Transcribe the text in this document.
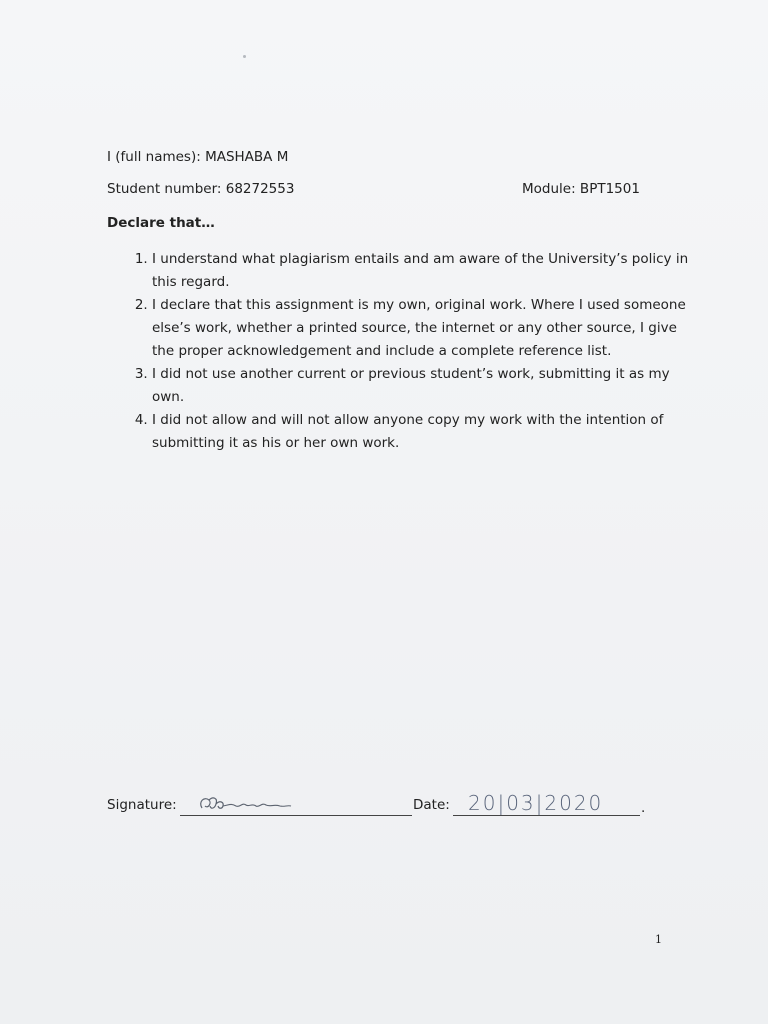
I (full names): MASHABA M
Student number: 68272553	Module: BPT1501
Declare that…
1. I understand what plagiarism entails and am aware of the University’s policy in this regard.
2. I declare that this assignment is my own, original work. Where I used someone else’s work, whether a printed source, the internet or any other source, I give the proper acknowledgement and include a complete reference list.
3. I did not use another current or previous student’s work, submitting it as my own.
4. I did not allow and will not allow anyone copy my work with the intention of submitting it as his or her own work.
Signature:	Date: 20|03|2020	.
1
